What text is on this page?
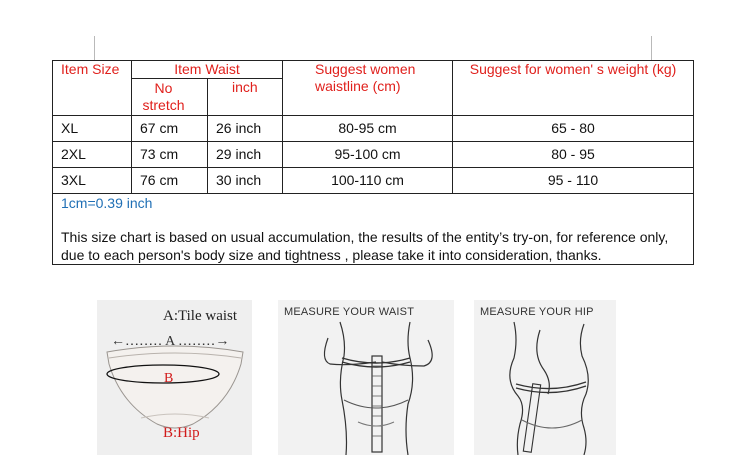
Item Size	Item Waist		Suggest women waistline (cm)	Suggest for women' s weight (kg)
	No stretch	inch		
XL	67 cm	26 inch	80-95 cm	65 - 80
2XL	73 cm	29 inch	95-100 cm	80 - 95
3XL	76 cm	30 inch	100-110 cm	95 - 110

1cm=0.39 inch
This size chart is based on usual accumulation, the results of the entity’s try-on, for reference only, due to each person's body size and tightness , please take it into consideration, thanks.				
A:Tile waist
←‥‥‥‥ A ‥‥‥‥→
B
B:Hip
MEASURE YOUR WAIST	MEASURE YOUR HIP
